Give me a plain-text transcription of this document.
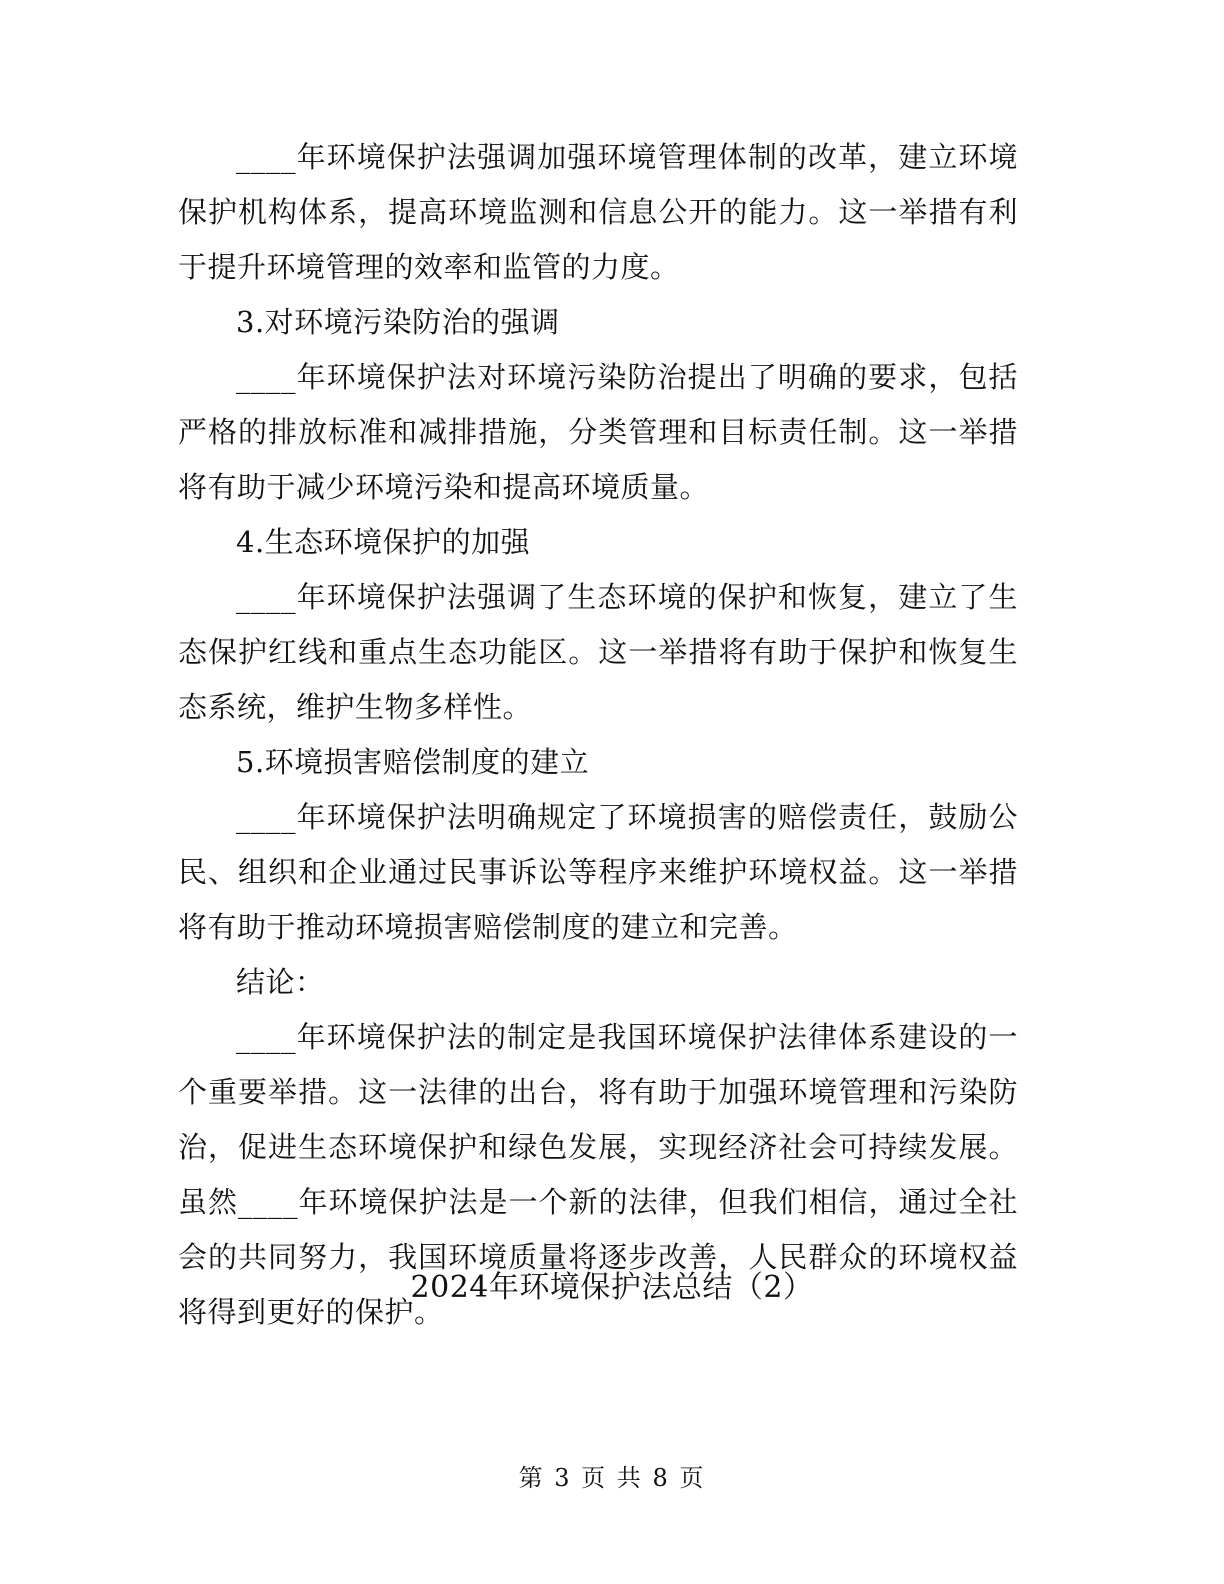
____年环境保护法强调加强环境管理体制的改革，建立环境保护机构体系，提高环境监测和信息公开的能力。这一举措有利于提升环境管理的效率和监管的力度。

3.对环境污染防治的强调

____年环境保护法对环境污染防治提出了明确的要求，包括严格的排放标准和减排措施，分类管理和目标责任制。这一举措将有助于减少环境污染和提高环境质量。

4.生态环境保护的加强

____年环境保护法强调了生态环境的保护和恢复，建立了生态保护红线和重点生态功能区。这一举措将有助于保护和恢复生态系统，维护生物多样性。

5.环境损害赔偿制度的建立

____年环境保护法明确规定了环境损害的赔偿责任，鼓励公民、组织和企业通过民事诉讼等程序来维护环境权益。这一举措将有助于推动环境损害赔偿制度的建立和完善。

结论：

____年环境保护法的制定是我国环境保护法律体系建设的一个重要举措。这一法律的出台，将有助于加强环境管理和污染防治，促进生态环境保护和绿色发展，实现经济社会可持续发展。虽然____年环境保护法是一个新的法律，但我们相信，通过全社会的共同努力，我国环境质量将逐步改善，人民群众的环境权益将得到更好的保护。

2024年环境保护法总结（2）

第 3 页 共 8 页
